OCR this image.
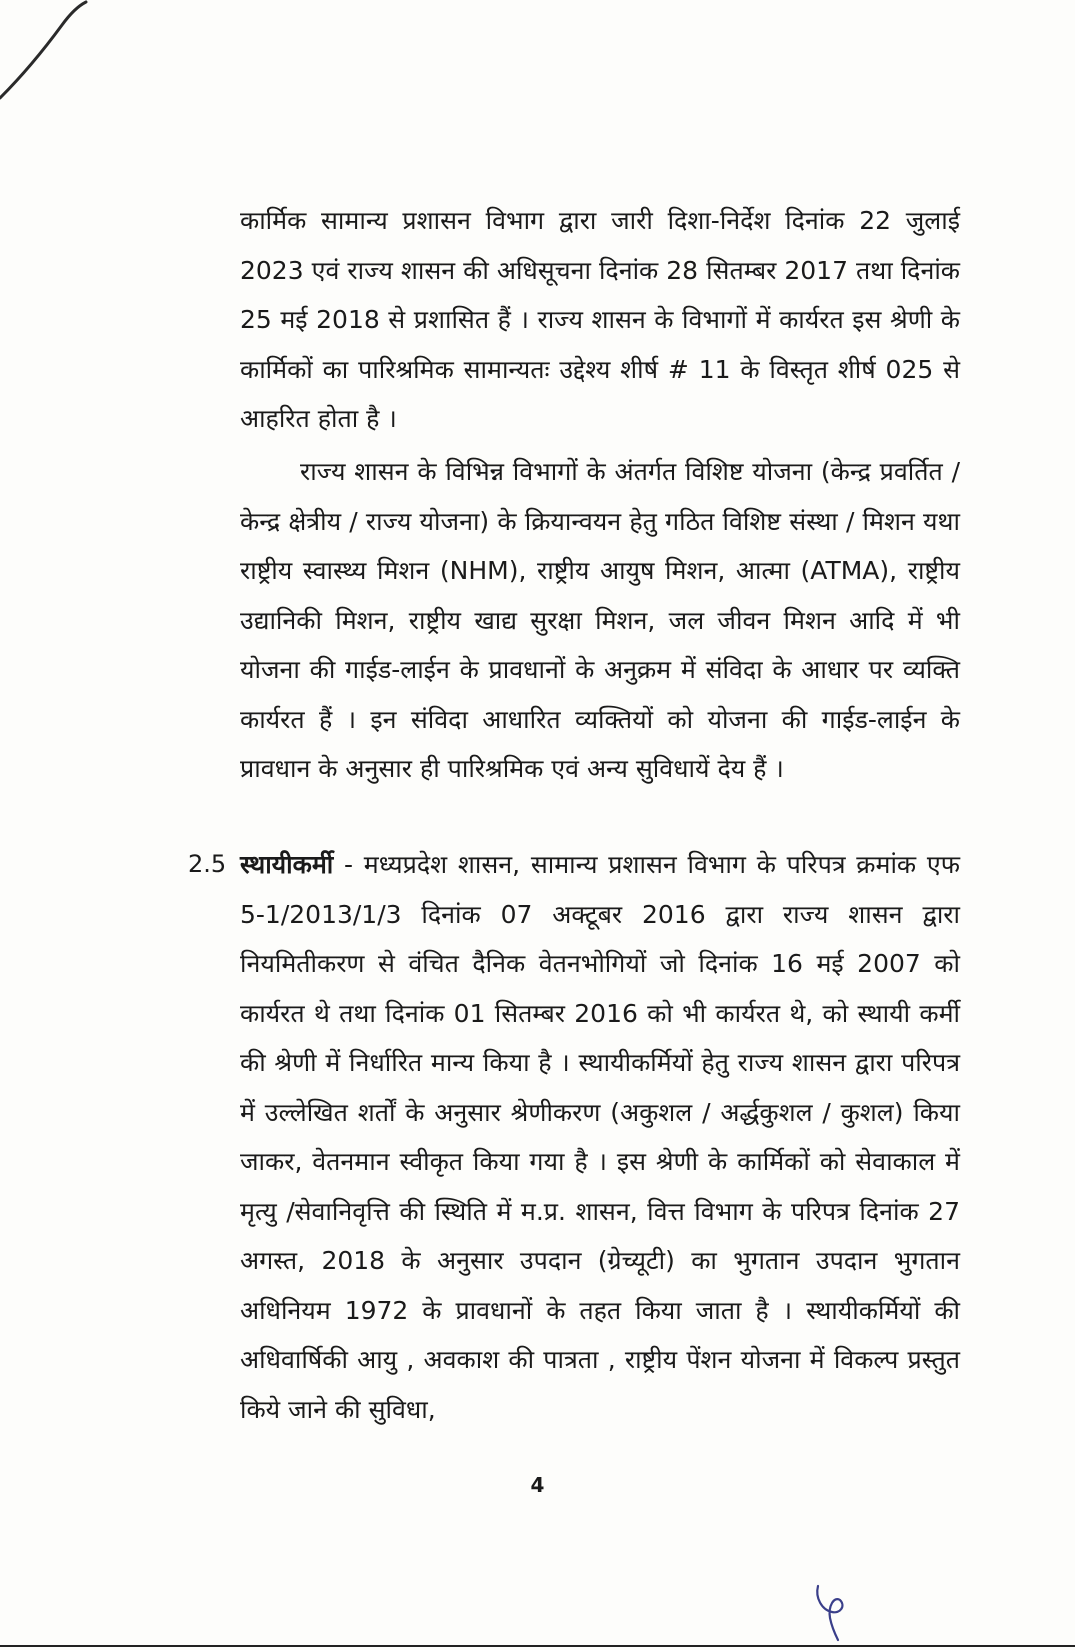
कार्मिक सामान्य प्रशासन विभाग द्वारा जारी दिशा-निर्देश दिनांक 22 जुलाई 2023 एवं राज्य शासन की अधिसूचना दिनांक 28 सितम्बर 2017 तथा दिनांक 25 मई 2018 से प्रशासित हैं । राज्य शासन के विभागों में कार्यरत इस श्रेणी के कार्मिकों का पारिश्रमिक सामान्यतः उद्देश्य शीर्ष # 11 के विस्तृत शीर्ष 025 से आहरित होता है ।

राज्य शासन के विभिन्न विभागों के अंतर्गत विशिष्ट योजना (केन्द्र प्रवर्तित / केन्द्र क्षेत्रीय / राज्य योजना) के क्रियान्वयन हेतु गठित विशिष्ट संस्था / मिशन यथा राष्ट्रीय स्वास्थ्य मिशन (NHM), राष्ट्रीय आयुष मिशन, आत्मा (ATMA), राष्ट्रीय उद्यानिकी मिशन, राष्ट्रीय खाद्य सुरक्षा मिशन, जल जीवन मिशन आदि में भी योजना की गाईड-लाईन के प्रावधानों के अनुक्रम में संविदा के आधार पर व्यक्ति कार्यरत हैं । इन संविदा आधारित व्यक्तियों को योजना की गाईड-लाईन के प्रावधान के अनुसार ही पारिश्रमिक एवं अन्य सुविधायें देय हैं ।

2.5 स्थायीकर्मी - मध्यप्रदेश शासन, सामान्य प्रशासन विभाग के परिपत्र क्रमांक एफ 5-1/2013/1/3 दिनांक 07 अक्टूबर 2016 द्वारा राज्य शासन द्वारा नियमितीकरण से वंचित दैनिक वेतनभोगियों जो दिनांक 16 मई 2007 को कार्यरत थे तथा दिनांक 01 सितम्बर 2016 को भी कार्यरत थे, को स्थायी कर्मी की श्रेणी में निर्धारित मान्य किया है । स्थायीकर्मियों हेतु राज्य शासन द्वारा परिपत्र में उल्लेखित शर्तों के अनुसार श्रेणीकरण (अकुशल / अर्द्धकुशल / कुशल) किया जाकर, वेतनमान स्वीकृत किया गया है । इस श्रेणी के कार्मिकों को सेवाकाल में मृत्यु /सेवानिवृत्ति की स्थिति में म.प्र. शासन, वित्त विभाग के परिपत्र दिनांक 27 अगस्त, 2018 के अनुसार उपदान (ग्रेच्यूटी) का भुगतान उपदान भुगतान अधिनियम 1972 के प्रावधानों के तहत किया जाता है । स्थायीकर्मियों की अधिवार्षिकी आयु , अवकाश की पात्रता , राष्ट्रीय पेंशन योजना में विकल्प प्रस्तुत किये जाने की सुविधा,

4
